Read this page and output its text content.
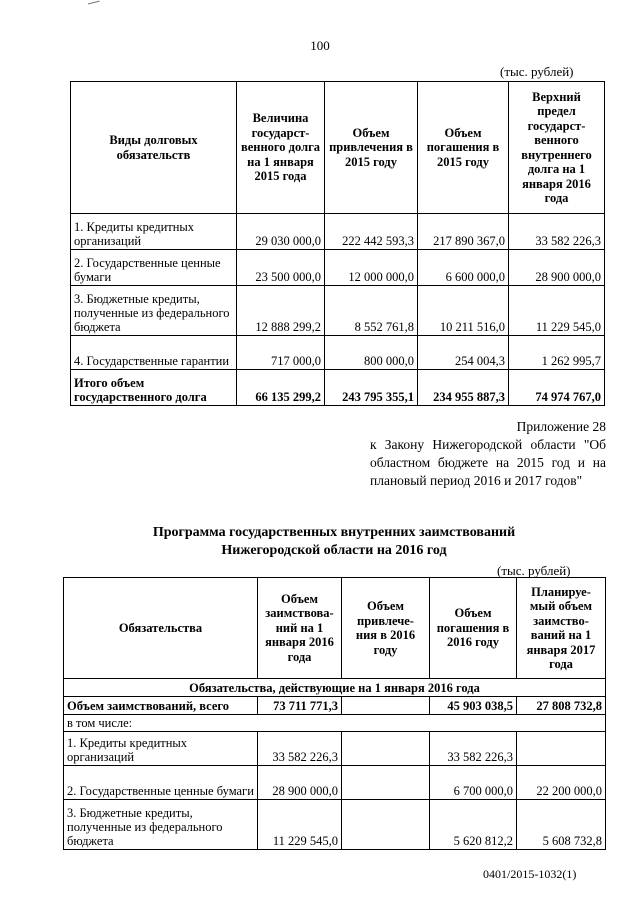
100
(тыс. рублей)
Виды долговых обязательств	Величина государст- венного долга на 1 января 2015 года	Объем привлечения в 2015 году	Объем погашения в 2015 году	Верхний предел государст- венного внутреннего долга на 1 января 2016 года
1. Кредиты кредитных организаций	29 030 000,0	222 442 593,3	217 890 367,0	33 582 226,3
2. Государственные ценные бумаги	23 500 000,0	12 000 000,0	6 600 000,0	28 900 000,0
3. Бюджетные кредиты, полученные из федерального бюджета	12 888 299,2	8 552 761,8	10 211 516,0	11 229 545,0
4. Государственные гарантии	717 000,0	800 000,0	254 004,3	1 262 995,7
Итого объем государственного долга	66 135 299,2	243 795 355,1	234 955 887,3	74 974 767,0
Приложение 28
к Закону Нижегородской области "Об областном бюджете на 2015 год и на плановый период 2016 и 2017 годов"
Программа государственных внутренних заимствований
Нижегородской области на 2016 год
(тыс. рублей)
Обязательства	Объем заимствова- ний на 1 января 2016 года	Объем привлече- ния в 2016 году	Объем погашения в 2016 году	Планируе- мый объем заимство- ваний на 1 января 2017 года
Обязательства, действующие на 1 января 2016 года				
Объем заимствований, всего	73 711 771,3		45 903 038,5	27 808 732,8
в том числе:				
1. Кредиты кредитных организаций	33 582 226,3		33 582 226,3	
2. Государственные ценные бумаги	28 900 000,0		6 700 000,0	22 200 000,0
3. Бюджетные кредиты, полученные из федерального бюджета	11 229 545,0		5 620 812,2	5 608 732,8
0401/2015-1032(1)
